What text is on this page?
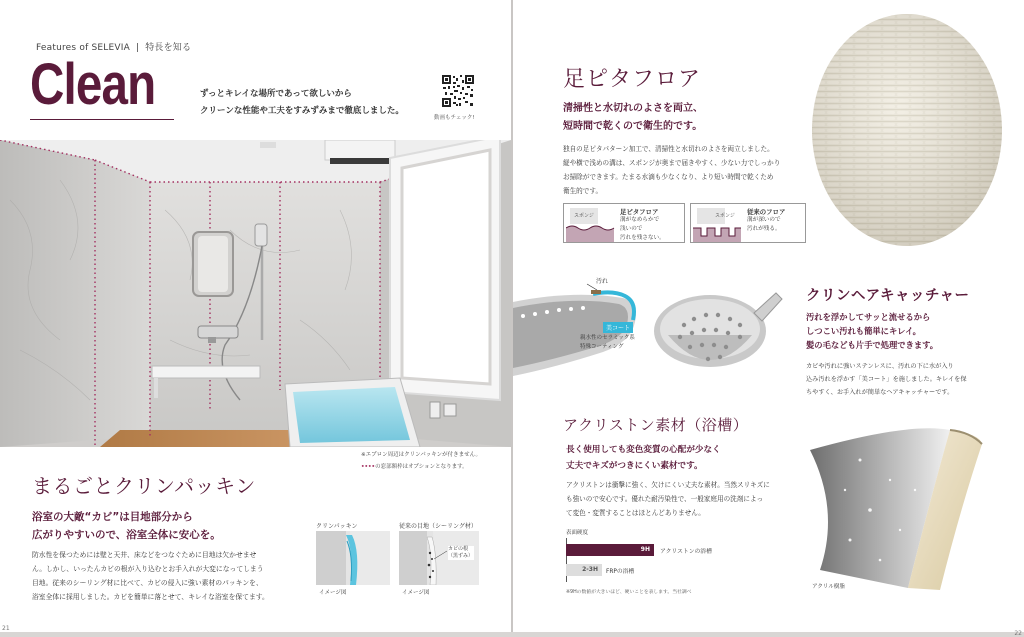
Features of SELEVIA | 特長を知る
Clean	ずっとキレイな場所であって欲しいから
クリーンな性能や工夫をすみずみまで徹底しました。
動画もチェック!
※エプロン周辺はクリンパッキンが付きません。
••••の窓部額枠はオプションとなります。
まるごとクリンパッキン
浴室の大敵“カビ”は目地部分から
広がりやすいので、浴室全体に安心を。
防水性を保つためには壁と天井、床などをつなぐために目地は欠かせませ
ん。しかし、いったんカビの根が入り込むとお手入れが大変になってしまう
目地。従来のシーリング材に比べて、カビの侵入に強い素材のパッキンを、
浴室全体に採用しました。カビを簡単に落とせて、キレイな浴室を保てます。
クリンパッキン
イメージ図
従来の目地（シーリング材）
カビの根（黒ずみ）
イメージ図
21
足ピタフロア
清掃性と水切れのよさを両立、
短時間で乾くので衛生的です。
独自の足ピタパターン加工で、清掃性と水切れのよさを両立しました。
縦や横で浅めの溝は、スポンジが奥まで届きやすく、少ない力でしっかり
お掃除ができます。たまる水滴も少なくなり、より短い時間で乾くため
衛生的です。
スポンジ	足ピタフロア
溝がなめらかで
浅いので
汚れを残さない。
スポンジ 従来のフロア
溝が深いので
汚れが残る。
汚れ
美コート
親水性のセラミック系
特殊コーティング
クリンヘアキャッチャー
汚れを浮かしてサッと流せるから
しつこい汚れも簡単にキレイ。
髪の毛なども片手で処理できます。
カビや汚れに強いステンレスに、汚れの下に水が入り
込み汚れを浮かす「美コート」を施しました。キレイを保
ちやすく、お手入れが簡単なヘアキャッチャーです。
アクリストン素材（浴槽）
長く使用しても変色変質の心配が少なく
丈夫でキズがつきにくい素材です。
アクリストンは衝撃に強く、欠けにくい丈夫な素材。当然スリキズに
も強いので安心です。優れた耐汚染性で、一般家庭用の洗剤によっ
て変色・変質することはほとんどありません。
表面硬度
9H アクリストンの浴槽
2-3H FRPの浴槽
※9Hの数値が大きいほど、硬いことを表します。当社調べ
アクリル樹脂
22
